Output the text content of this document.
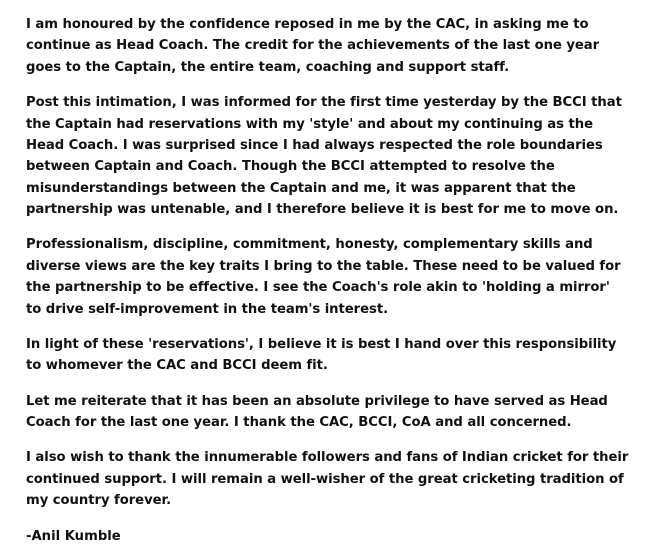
I am honoured by the confidence reposed in me by the CAC, in asking me to continue as Head Coach. The credit for the achievements of the last one year goes to the Captain, the entire team, coaching and support staff.

Post this intimation, I was informed for the first time yesterday by the BCCI that the Captain had reservations with my 'style' and about my continuing as the Head Coach. I was surprised since I had always respected the role boundaries between Captain and Coach. Though the BCCI attempted to resolve the misunderstandings between the Captain and me, it was apparent that the partnership was untenable, and I therefore believe it is best for me to move on.

Professionalism, discipline, commitment, honesty, complementary skills and diverse views are the key traits I bring to the table. These need to be valued for the partnership to be effective. I see the Coach's role akin to 'holding a mirror' to drive self-improvement in the team's interest.

In light of these 'reservations', I believe it is best I hand over this responsibility to whomever the CAC and BCCI deem fit.

Let me reiterate that it has been an absolute privilege to have served as Head Coach for the last one year. I thank the CAC, BCCI, CoA and all concerned.

I also wish to thank the innumerable followers and fans of Indian cricket for their continued support. I will remain a well-wisher of the great cricketing tradition of my country forever.

-Anil Kumble
